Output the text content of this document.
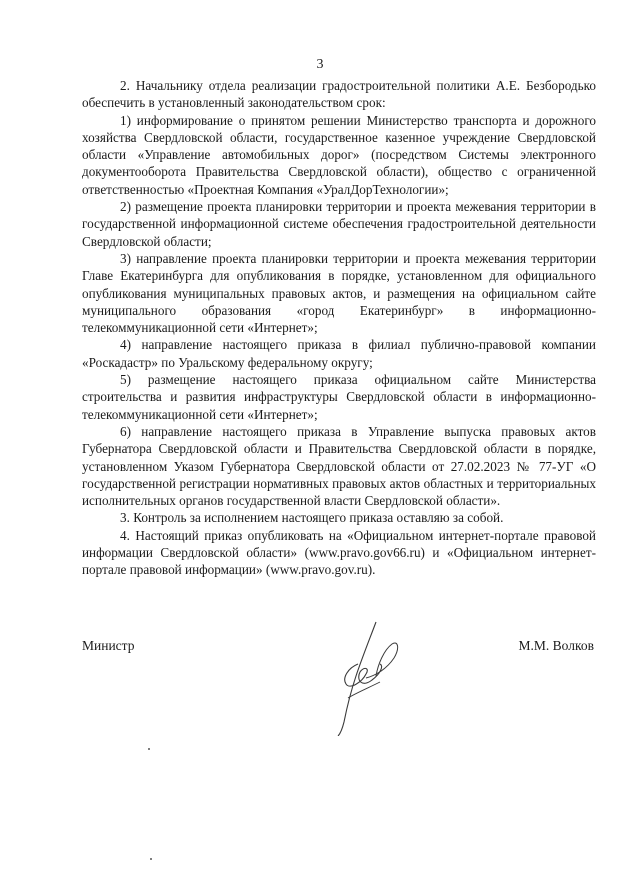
3

2. Начальнику отдела реализации градостроительной политики А.Е. Безбородько обеспечить в установленный законодательством срок:

1) информирование о принятом решении Министерство транспорта и дорожного хозяйства Свердловской области, государственное казенное учреждение Свердловской области «Управление автомобильных дорог» (посредством Системы электронного документооборота Правительства Свердловской области), общество с ограниченной ответственностью «Проектная Компания «УралДорТехнологии»;

2) размещение проекта планировки территории и проекта межевания территории в государственной информационной системе обеспечения градостроительной деятельности Свердловской области;

3) направление проекта планировки территории и проекта межевания территории Главе Екатеринбурга для опубликования в порядке, установленном для официального опубликования муниципальных правовых актов, и размещения на официальном сайте муниципального образования «город Екатеринбург» в информационно-телекоммуникационной сети «Интернет»;

4) направление настоящего приказа в филиал публично-правовой компании «Роскадастр» по Уральскому федеральному округу;

5) размещение настоящего приказа официальном сайте Министерства строительства и развития инфраструктуры Свердловской области в информационно-телекоммуникационной сети «Интернет»;

6) направление настоящего приказа в Управление выпуска правовых актов Губернатора Свердловской области и Правительства Свердловской области в порядке, установленном Указом Губернатора Свердловской области от 27.02.2023 № 77-УГ «О государственной регистрации нормативных правовых актов областных и территориальных исполнительных органов государственной власти Свердловской области».

3. Контроль за исполнением настоящего приказа оставляю за собой.

4. Настоящий приказ опубликовать на «Официальном интернет-портале правовой информации Свердловской области» (www.pravo.gov66.ru) и «Официальном интернет-портале правовой информации» (www.pravo.gov.ru).

Министр	М.М. Волков
